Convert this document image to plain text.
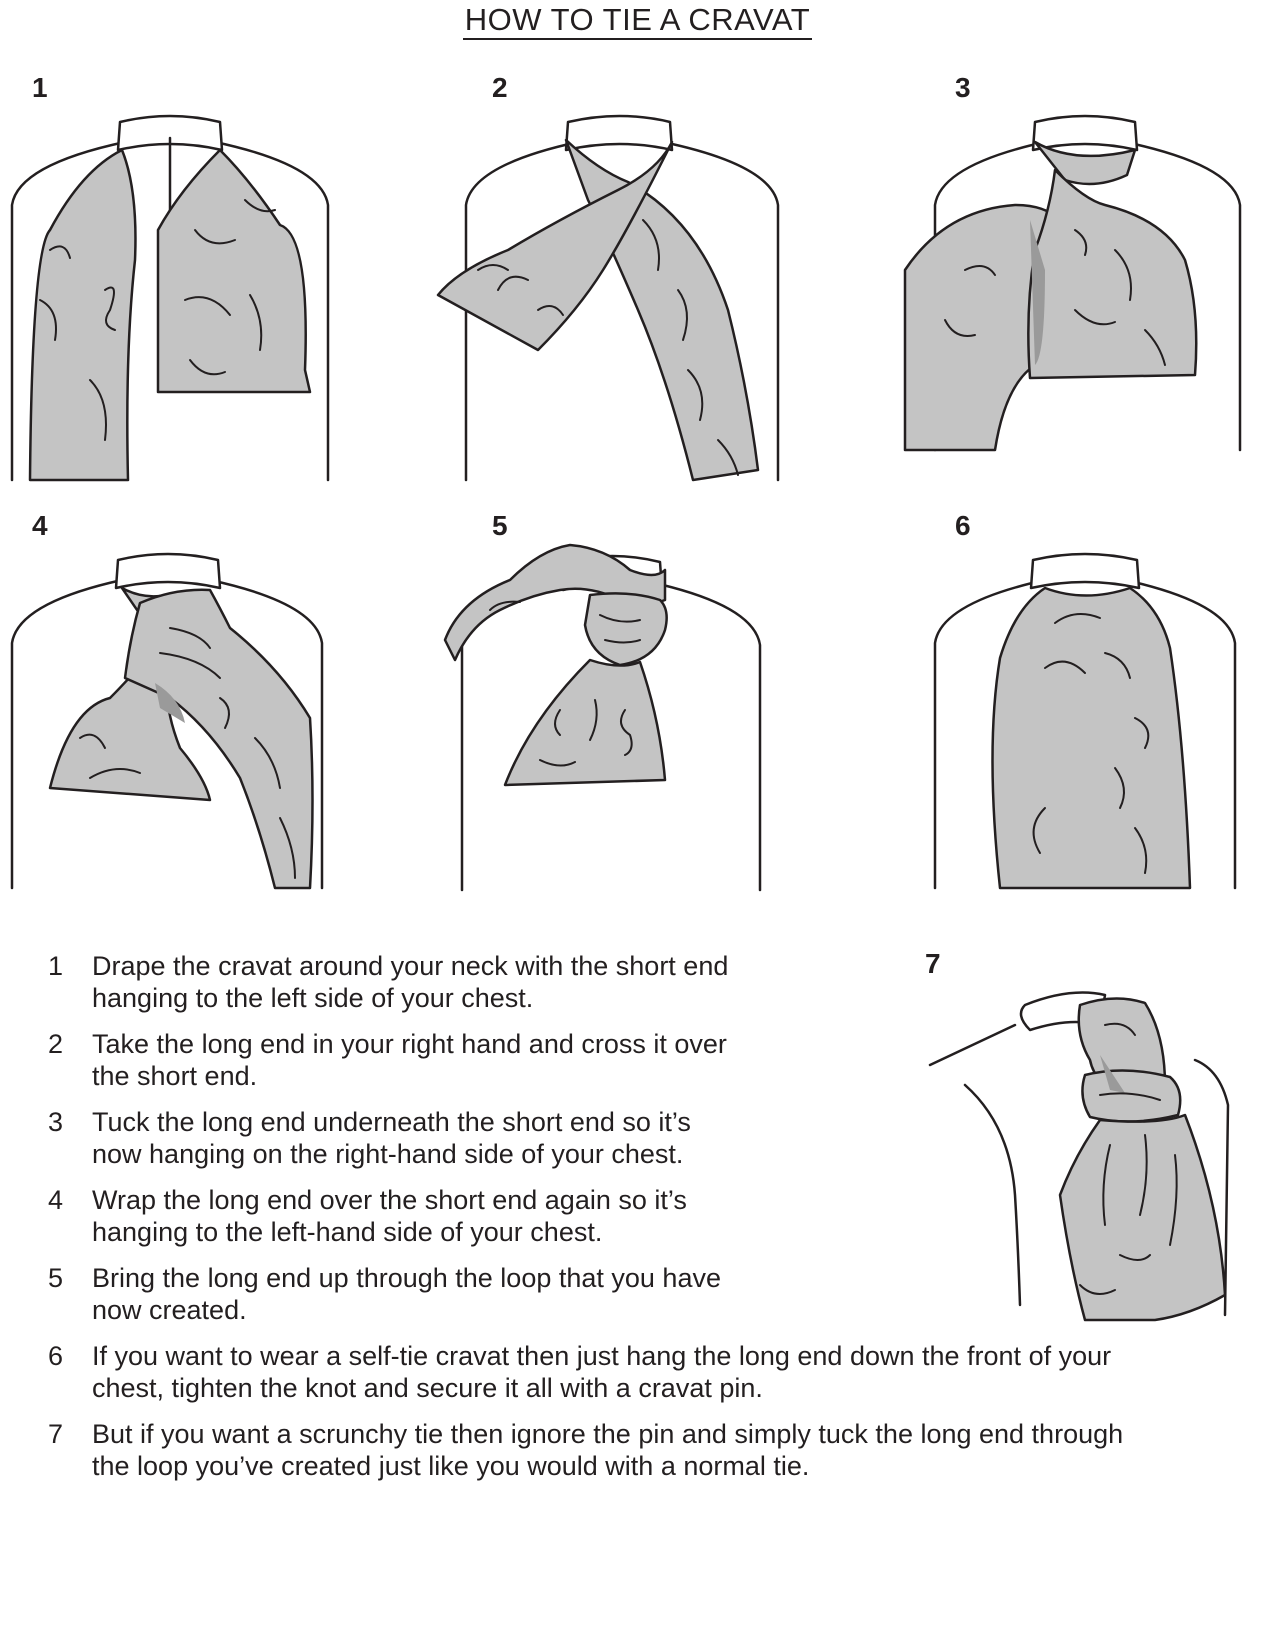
HOW TO TIE A CRAVAT
1	2	3
4	5	6
7
1 Drape the cravat around your neck with the short end hanging to the left side of your chest.
2 Take the long end in your right hand and cross it over the short end.
3 Tuck the long end underneath the short end so it’s now hanging on the right-hand side of your chest.
4 Wrap the long end over the short end again so it’s hanging to the left-hand side of your chest.
5 Bring the long end up through the loop that you have now created.
6 If you want to wear a self-tie cravat then just hang the long end down the front of your chest, tighten the knot and secure it all with a cravat pin.
7 But if you want a scrunchy tie then ignore the pin and simply tuck the long end through the loop you’ve created just like you would with a normal tie.
